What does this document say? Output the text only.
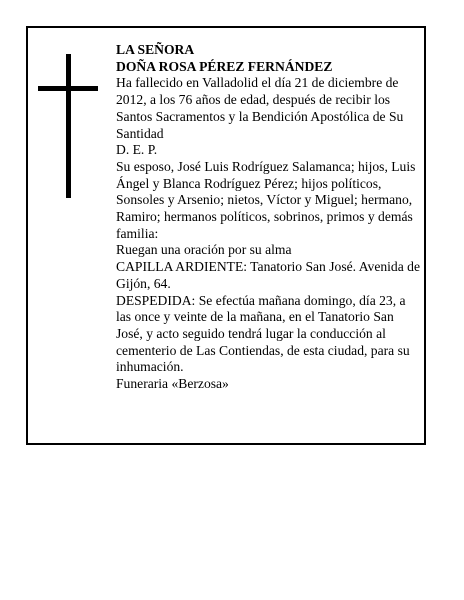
LA SEÑORA

DOÑA ROSA PÉREZ FERNÁNDEZ

Ha fallecido en Valladolid el día 21 de diciembre de 2012, a los 76 años de edad, después de recibir los Santos Sacramentos y la Bendición Apostólica de Su Santidad

D. E. P.

Su esposo, José Luis Rodríguez Salamanca; hijos, Luis Ángel y Blanca Rodríguez Pérez; hijos políticos, Sonsoles y Arsenio; nietos, Víctor y Miguel; hermano, Ramiro; hermanos políticos, sobrinos, primos y demás familia:

Ruegan una oración por su alma

CAPILLA ARDIENTE: Tanatorio San José. Avenida de Gijón, 64.

DESPEDIDA: Se efectúa mañana domingo, día 23, a las once y veinte de la mañana, en el Tanatorio San José, y acto seguido tendrá lugar la conducción al cementerio de Las Contiendas, de esta ciudad, para su inhumación.

Funeraria «Berzosa»
